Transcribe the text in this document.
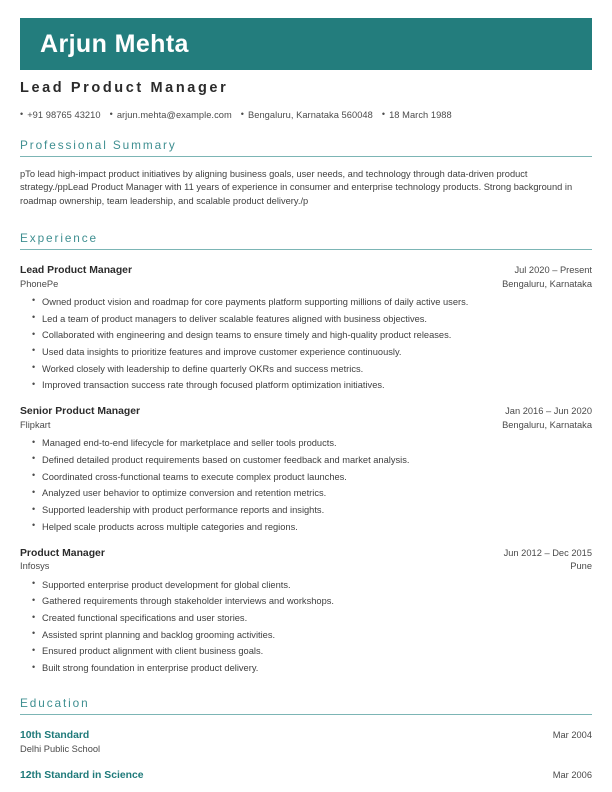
Arjun Mehta
Lead Product Manager
• +91 98765 43210 • arjun.mehta@example.com • Bengaluru, Karnataka 560048 • 18 March 1988
Professional Summary
pTo lead high-impact product initiatives by aligning business goals, user needs, and technology through data-driven product strategy./ppLead Product Manager with 11 years of experience in consumer and enterprise technology products. Strong background in roadmap ownership, team leadership, and scalable product delivery./p
Experience
Lead Product Manager	Jul 2020 – Present
PhonePe	Bengaluru, Karnataka
• Owned product vision and roadmap for core payments platform supporting millions of daily active users.
• Led a team of product managers to deliver scalable features aligned with business objectives.
• Collaborated with engineering and design teams to ensure timely and high-quality product releases.
• Used data insights to prioritize features and improve customer experience continuously.
• Worked closely with leadership to define quarterly OKRs and success metrics.
• Improved transaction success rate through focused platform optimization initiatives.
Senior Product Manager	Jan 2016 – Jun 2020
Flipkart	Bengaluru, Karnataka
• Managed end-to-end lifecycle for marketplace and seller tools products.
• Defined detailed product requirements based on customer feedback and market analysis.
• Coordinated cross-functional teams to execute complex product launches.
• Analyzed user behavior to optimize conversion and retention metrics.
• Supported leadership with product performance reports and insights.
• Helped scale products across multiple categories and regions.
Product Manager	Jun 2012 – Dec 2015
Infosys	Pune
• Supported enterprise product development for global clients.
• Gathered requirements through stakeholder interviews and workshops.
• Created functional specifications and user stories.
• Assisted sprint planning and backlog grooming activities.
• Ensured product alignment with client business goals.
• Built strong foundation in enterprise product delivery.
Education
10th Standard	Mar 2004
Delhi Public School
12th Standard in Science	Mar 2006
